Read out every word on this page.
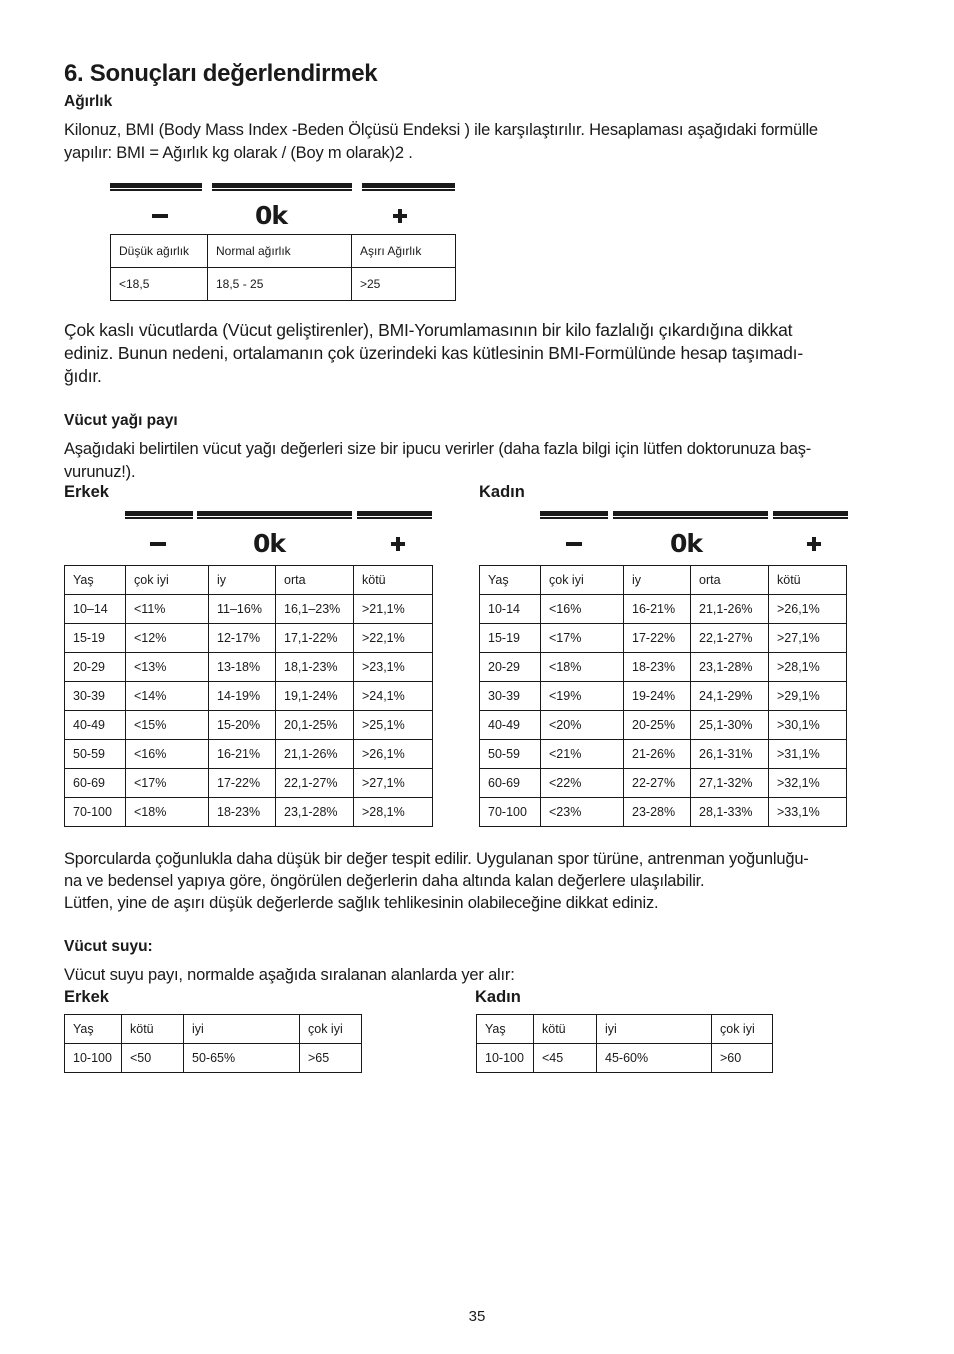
6. Sonuçları değerlendirmek
Ağırlık
Kilonuz, BMI (Body Mass Index -Beden Ölçüsü Endeksi ) ile karşılaştırılır. Hesaplaması aşağıdaki formülle
yapılır: BMI = Ağırlık kg olarak / (Boy m olarak)2 .
0k
Düşük ağırlık	Normal ağırlık	Aşırı Ağırlık
<18,5	18,5 - 25	>25
Çok kaslı vücutlarda (Vücut geliştirenler), BMI-Yorumlamasının bir kilo fazlalığı çıkardığına dikkat
ediniz. Bunun nedeni, ortalamanın çok üzerindeki kas kütlesinin BMI-Formülünde hesap taşımadı-
ğıdır.
Vücut yağı payı
Aşağıdaki belirtilen vücut yağı değerleri size bir ipucu verirler (daha fazla bilgi için lütfen doktorunuza baş-
vurunuz!).
Erkek	Kadın
0k	0k
Yaş	çok iyi	iy	orta	kötü
10–14	<11%	11–16%	16,1–23%	>21,1%
15-19	<12%	12-17%	17,1-22%	>22,1%
20-29	<13%	13-18%	18,1-23%	>23,1%
30-39	<14%	14-19%	19,1-24%	>24,1%
40-49	<15%	15-20%	20,1-25%	>25,1%
50-59	<16%	16-21%	21,1-26%	>26,1%
60-69	<17%	17-22%	22,1-27%	>27,1%
70-100	<18%	18-23%	23,1-28%	>28,1%
Yaş	çok iyi	iy	orta	kötü
10-14	<16%	16-21%	21,1-26%	>26,1%
15-19	<17%	17-22%	22,1-27%	>27,1%
20-29	<18%	18-23%	23,1-28%	>28,1%
30-39	<19%	19-24%	24,1-29%	>29,1%
40-49	<20%	20-25%	25,1-30%	>30,1%
50-59	<21%	21-26%	26,1-31%	>31,1%
60-69	<22%	22-27%	27,1-32%	>32,1%
70-100	<23%	23-28%	28,1-33%	>33,1%
Sporcularda çoğunlukla daha düşük bir değer tespit edilir. Uygulanan spor türüne, antrenman yoğunluğu-
na ve bedensel yapıya göre, öngörülen değerlerin daha altında kalan değerlere ulaşılabilir.
Lütfen, yine de aşırı düşük değerlerde sağlık tehlikesinin olabileceğine dikkat ediniz.
Vücut suyu:
Vücut suyu payı, normalde aşağıda sıralanan alanlarda yer alır:
Erkek	Kadın
Yaş	kötü	iyi	çok iyi
10-100	<50	50-65%	>65
Yaş	kötü	iyi	çok iyi
10-100	<45	45-60%	>60
35
